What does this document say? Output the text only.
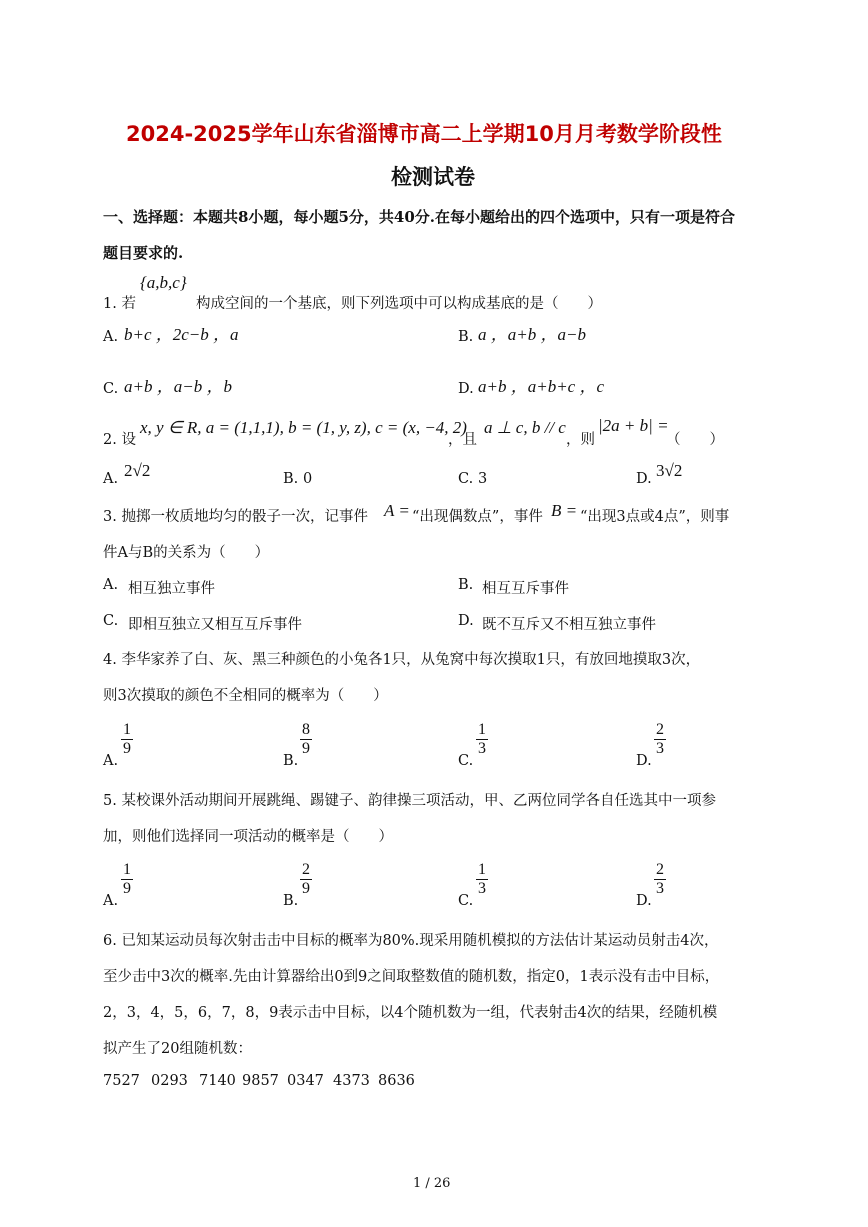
2024-2025学年山东省淄博市高二上学期10月月考数学阶段性
检测试卷
一、选择题：本题共8小题，每小题5分，共40分.在每小题给出的四个选项中，只有一项是符合
题目要求的.
1. 若
{a,b,c}
构成空间的一个基底，则下列选项中可以构成基底的是（　　）
A. b+c ，2c−b ，a	B. a ，a+b ，a−b
C. a+b ，a−b ，b	D. a+b ，a+b+c ，c
2. 设
x, y ∈ R, a = (1,1,1), b = (1, y, z), c = (x, −4, 2)
，且
a ⊥ c, b // c
，则
|2a + b| =
（　　）
A. 2√2	B. 0	C. 3	D. 3√2
3. 抛掷一枚质地均匀的骰子一次，记事件 A = “出现偶数点”，事件 B = “出现3点或4点”，则事
件A与B的关系为（　　）
A. 相互独立事件	B. 相互互斥事件
C. 即相互独立又相互互斥事件	D. 既不互斥又不相互独立事件
4. 李华家养了白、灰、黑三种颜色的小兔各1只，从兔窝中每次摸取1只，有放回地摸取3次，
则3次摸取的颜色不全相同的概率为（　　）
A.
$\frac{1}{9}$
B.
$\frac{8}{9}$
C.
$\frac{1}{3}$
D.
$\frac{2}{3}$
5. 某校课外活动期间开展跳绳、踢键子、韵律操三项活动，甲、乙两位同学各自任选其中一项参
加，则他们选择同一项活动的概率是（　　）
A.
$\frac{1}{9}$
B.
$\frac{2}{9}$
C.
$\frac{1}{3}$
D.
$\frac{2}{3}$
6. 已知某运动员每次射击击中目标的概率为80%.现采用随机模拟的方法估计某运动员射击4次，
至少击中3次的概率.先由计算器给出0到9之间取整数值的随机数，指定0，1表示没有击中目标，
2，3，4，5，6，7，8，9表示击中目标，以4个随机数为一组，代表射击4次的结果，经随机模
拟产生了20组随机数：
7527 0293 7140 9857 0347 4373 8636
1 / 26
